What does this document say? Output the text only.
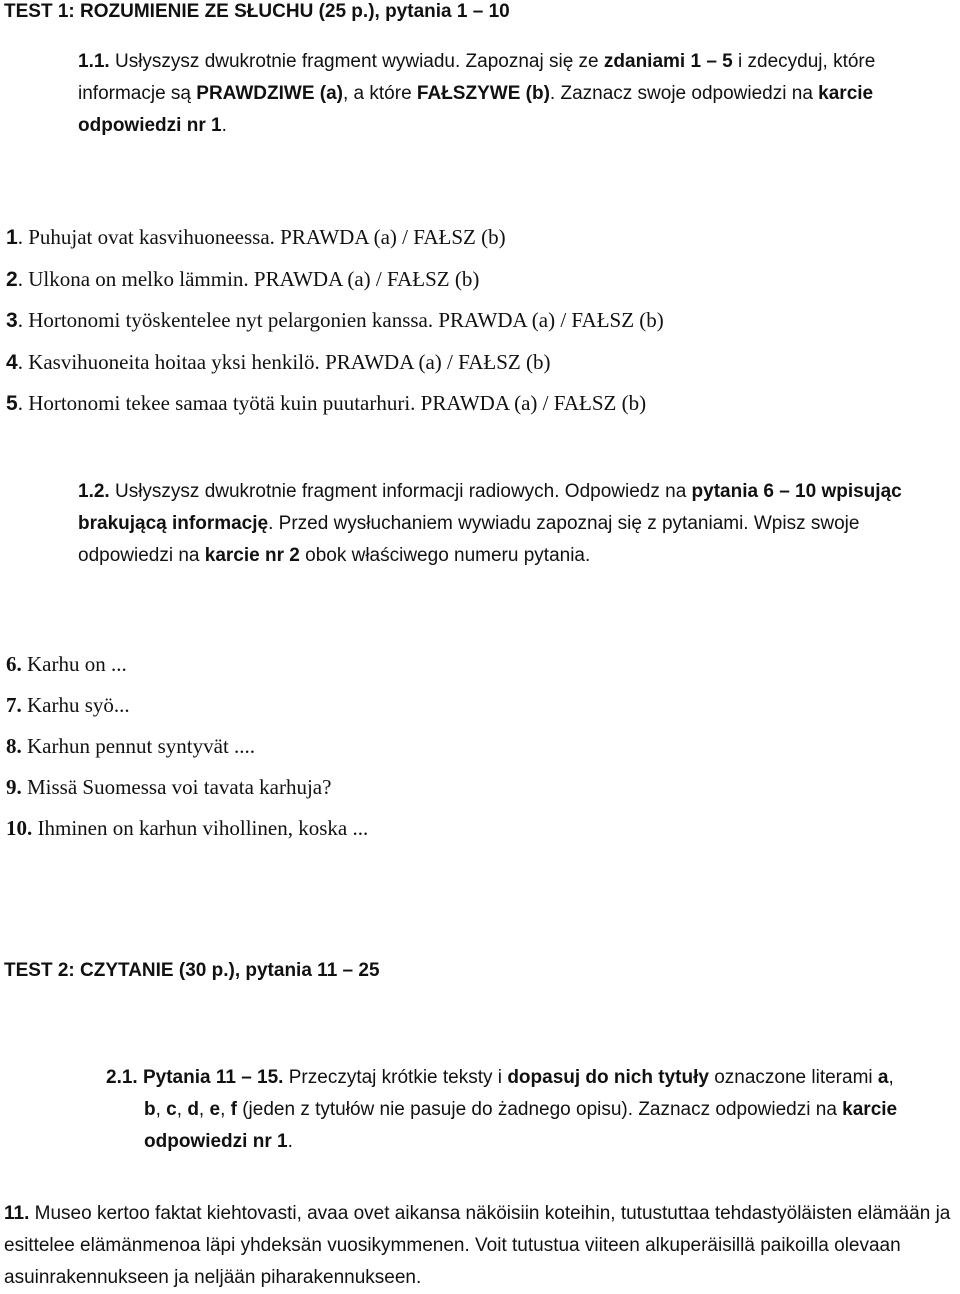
TEST 1: ROZUMIENIE ZE SŁUCHU (25 p.), pytania 1 – 10
1.1. Usłyszysz dwukrotnie fragment wywiadu. Zapoznaj się ze zdaniami 1 – 5 i zdecyduj, które informacje są PRAWDZIWE (a), a które FAŁSZYWE (b). Zaznacz swoje odpowiedzi na karcie odpowiedzi nr 1.
1. Puhujat ovat kasvihuoneessa. PRAWDA (a) / FAŁSZ (b)
2. Ulkona on melko lämmin. PRAWDA (a) / FAŁSZ (b)
3. Hortonomi työskentelee nyt pelargonien kanssa. PRAWDA (a) / FAŁSZ (b)
4. Kasvihuoneita hoitaa yksi henkilö. PRAWDA (a) / FAŁSZ (b)
5. Hortonomi tekee samaa työtä kuin puutarhuri. PRAWDA (a) / FAŁSZ (b)
1.2. Usłyszysz dwukrotnie fragment informacji radiowych. Odpowiedz na pytania 6 – 10 wpisując brakującą informację. Przed wysłuchaniem wywiadu zapoznaj się z pytaniami. Wpisz swoje odpowiedzi na karcie nr 2 obok właściwego numeru pytania.
6. Karhu on ...
7. Karhu syö...
8. Karhun pennut syntyvät ....
9. Missä Suomessa voi tavata karhuja?
10. Ihminen on karhun vihollinen, koska ...
TEST 2: CZYTANIE (30 p.), pytania 11 – 25
2.1. Pytania 11 – 15. Przeczytaj krótkie teksty i dopasuj do nich tytuły oznaczone literami a,
b, c, d, e, f (jeden z tytułów nie pasuje do żadnego opisu). Zaznacz odpowiedzi na karcie odpowiedzi nr 1.
11. Museo kertoo faktat kiehtovasti, avaa ovet aikansa näköisiin koteihin, tutustuttaa tehdastyöläisten elämään ja esittelee elämänmenoa läpi yhdeksän vuosikymmenen. Voit tutustua viiteen alkuperäisillä paikoilla olevaan asuinrakennukseen ja neljään piharakennukseen.
